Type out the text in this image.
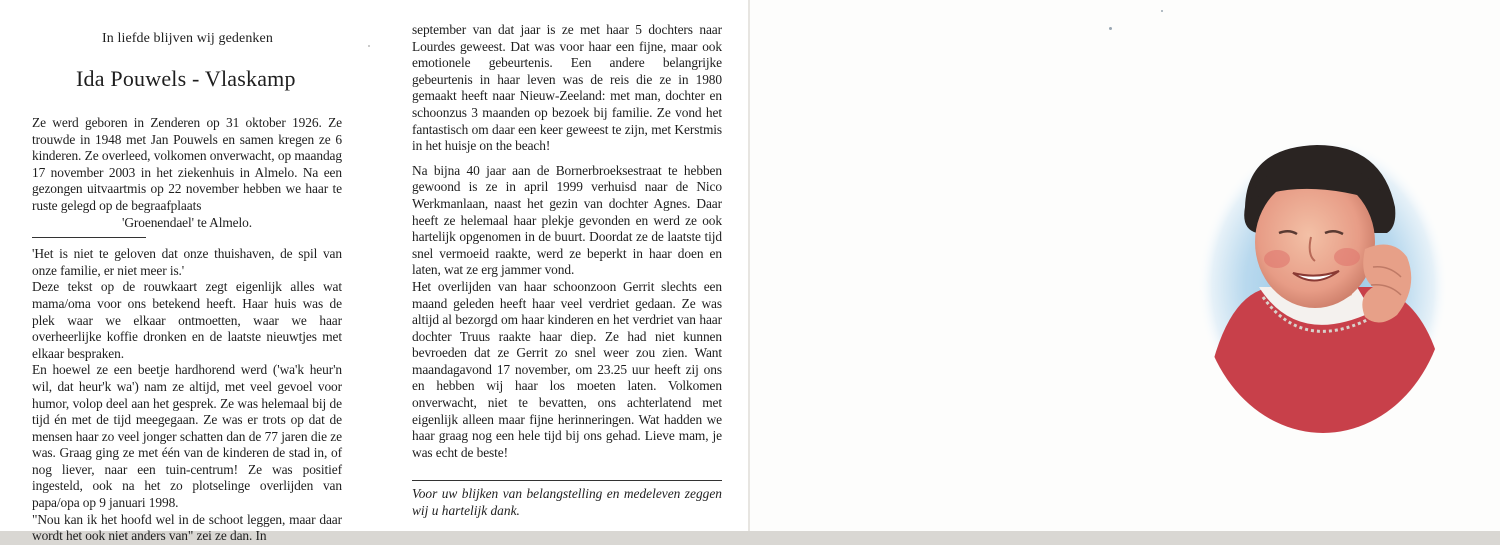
In liefde blijven wij gedenken
Ida Pouwels - Vlaskamp

Ze werd geboren in Zenderen op 31 oktober 1926. Ze trouwde in 1948 met Jan Pouwels en samen kregen ze 6 kinderen. Ze overleed, volkomen onverwacht, op maandag 17 november 2003 in het ziekenhuis in Almelo. Na een gezongen uitvaartmis op 22 november hebben we haar te ruste gelegd op de begraafplaats

'Groenendael' te Almelo.

'Het is niet te geloven dat onze thuishaven, de spil van onze familie, er niet meer is.'

Deze tekst op de rouwkaart zegt eigenlijk alles wat mama/oma voor ons betekend heeft. Haar huis was de plek waar we elkaar ontmoetten, waar we haar overheerlijke koffie dronken en de laatste nieuwtjes met elkaar bespraken.

En hoewel ze een beetje hardhorend werd ('wa'k heur'n wil, dat heur'k wa') nam ze altijd, met veel gevoel voor humor, volop deel aan het gesprek. Ze was helemaal bij de tijd én met de tijd meegegaan. Ze was er trots op dat de mensen haar zo veel jonger schatten dan de 77 jaren die ze was. Graag ging ze met één van de kinderen de stad in, of nog liever, naar een tuin-centrum! Ze was positief ingesteld, ook na het zo plotselinge overlijden van papa/opa op 9 januari 1998.

"Nou kan ik het hoofd wel in de schoot leggen, maar daar wordt het ook niet anders van" zei ze dan. In

september van dat jaar is ze met haar 5 dochters naar Lourdes geweest. Dat was voor haar een fijne, maar ook emotionele gebeurtenis. Een andere belangrijke gebeurtenis in haar leven was de reis die ze in 1980 gemaakt heeft naar Nieuw-Zeeland: met man, dochter en schoonzus 3 maanden op bezoek bij familie. Ze vond het fantastisch om daar een keer geweest te zijn, met Kerstmis in het huisje on the beach!

Na bijna 40 jaar aan de Bornerbroeksestraat te hebben gewoond is ze in april 1999 verhuisd naar de Nico Werkmanlaan, naast het gezin van dochter Agnes. Daar heeft ze helemaal haar plekje gevonden en werd ze ook hartelijk opgenomen in de buurt. Doordat ze de laatste tijd snel vermoeid raakte, werd ze beperkt in haar doen en laten, wat ze erg jammer vond.

Het overlijden van haar schoonzoon Gerrit slechts een maand geleden heeft haar veel verdriet gedaan. Ze was altijd al bezorgd om haar kinderen en het verdriet van haar dochter Truus raakte haar diep. Ze had niet kunnen bevroeden dat ze Gerrit zo snel weer zou zien. Want maandagavond 17 november, om 23.25 uur heeft zij ons en hebben wij haar los moeten laten. Volkomen onverwacht, niet te bevatten, ons achterlatend met eigenlijk alleen maar fijne herinneringen. Wat hadden we haar graag nog een hele tijd bij ons gehad. Lieve mam, je was echt de beste!

Voor uw blijken van belangstelling en medeleven zeggen wij u hartelijk dank.
